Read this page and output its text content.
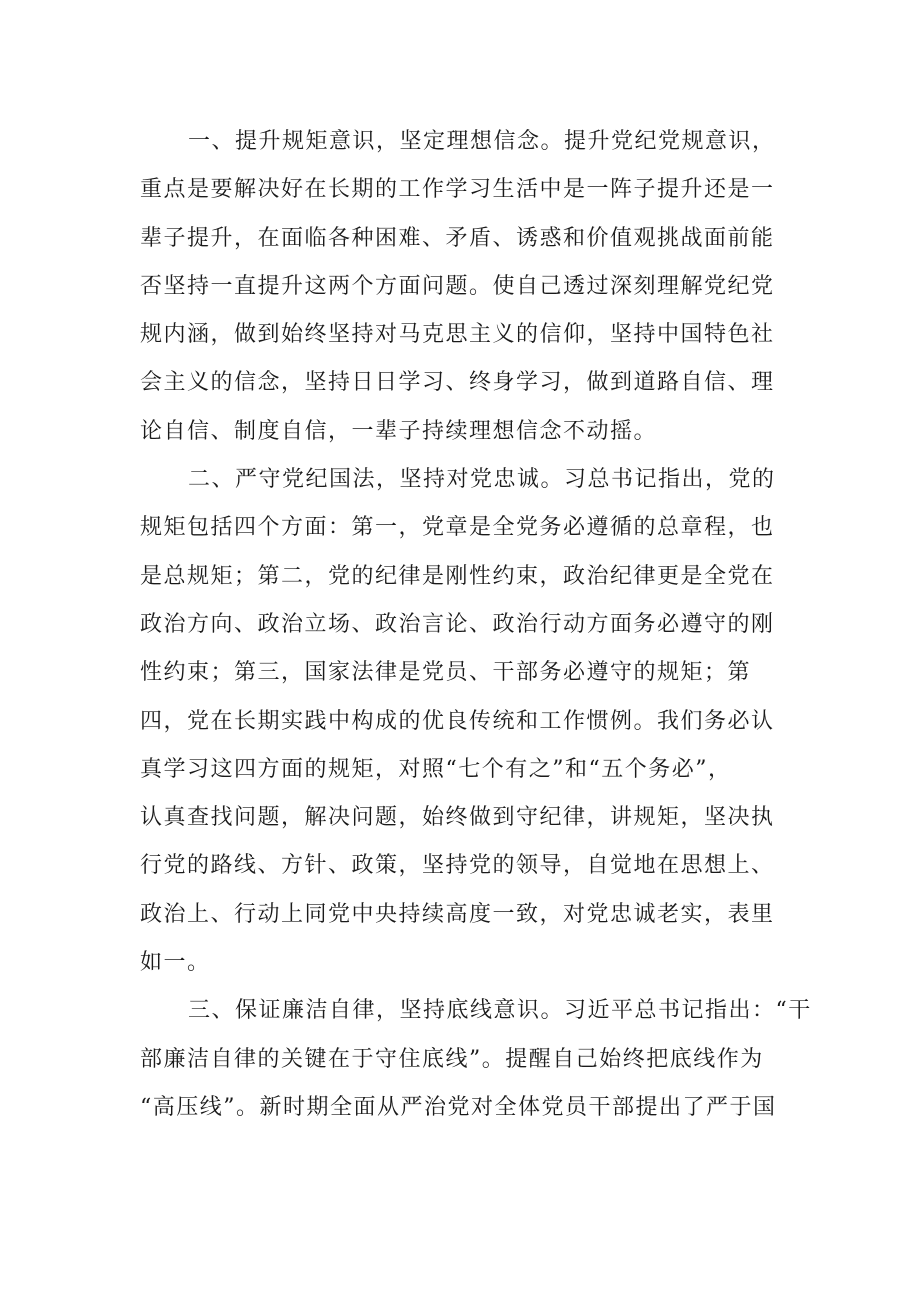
一、提升规矩意识，坚定理想信念。提升党纪党规意识，
重点是要解决好在长期的工作学习生活中是一阵子提升还是一
辈子提升，在面临各种困难、矛盾、诱惑和价值观挑战面前能
否坚持一直提升这两个方面问题。使自己透过深刻理解党纪党
规内涵，做到始终坚持对马克思主义的信仰，坚持中国特色社
会主义的信念，坚持日日学习、终身学习，做到道路自信、理
论自信、制度自信，一辈子持续理想信念不动摇。
二、严守党纪国法，坚持对党忠诚。习总书记指出，党的
规矩包括四个方面：第一，党章是全党务必遵循的总章程，也
是总规矩；第二，党的纪律是刚性约束，政治纪律更是全党在
政治方向、政治立场、政治言论、政治行动方面务必遵守的刚
性约束；第三，国家法律是党员、干部务必遵守的规矩；第
四，党在长期实践中构成的优良传统和工作惯例。我们务必认
真学习这四方面的规矩，对照“七个有之”和“五个务必”，
认真查找问题，解决问题，始终做到守纪律，讲规矩，坚决执
行党的路线、方针、政策，坚持党的领导，自觉地在思想上、
政治上、行动上同党中央持续高度一致，对党忠诚老实，表里
如一。
三、保证廉洁自律，坚持底线意识。习近平总书记指出：“干
部廉洁自律的关键在于守住底线”。提醒自己始终把底线作为
“高压线”。新时期全面从严治党对全体党员干部提出了严于国
